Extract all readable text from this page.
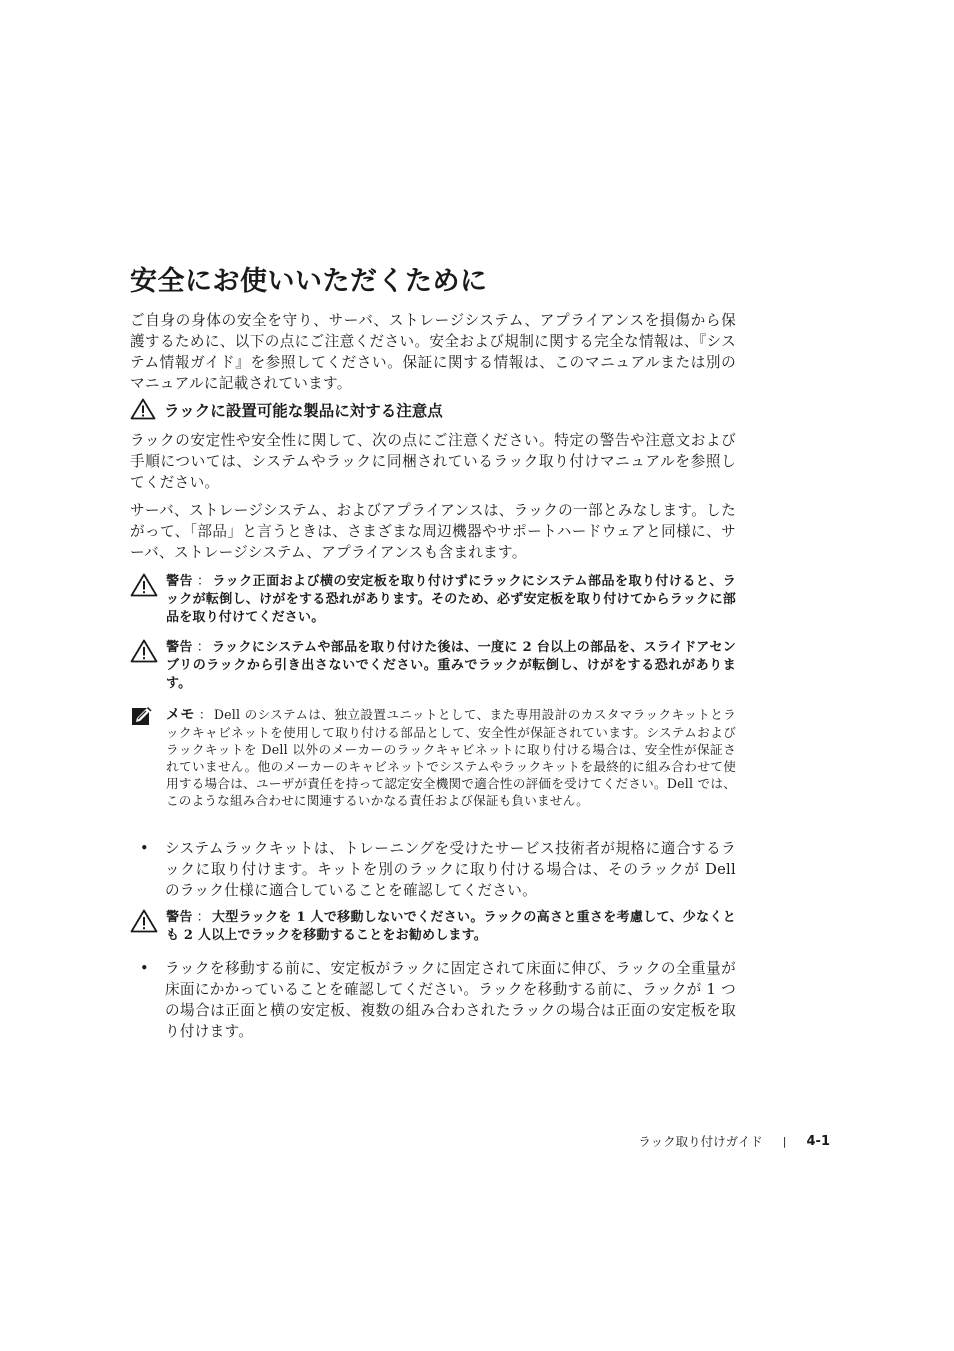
安全にお使いいただくために

ご自身の身体の安全を守り、サーバ、ストレージシステム、アプライアンスを損傷から保護するために、以下の点にご注意ください。安全および規制に関する完全な情報は、『システム情報ガイド』を参照してください。保証に関する情報は、このマニュアルまたは別のマニュアルに記載されています。

ラックに設置可能な製品に対する注意点

ラックの安定性や安全性に関して、次の点にご注意ください。特定の警告や注意文および手順については、システムやラックに同梱されているラック取り付けマニュアルを参照してください。

サーバ、ストレージシステム、およびアプライアンスは、ラックの一部とみなします。したがって、「部品」と言うときは、さまざまな周辺機器やサポートハードウェアと同様に、サーバ、ストレージシステム、アプライアンスも含まれます。

警告 ： ラック正面および横の安定板を取り付けずにラックにシステム部品を取り付けると、ラックが転倒し、けがをする恐れがあります。そのため、必ず安定板を取り付けてからラックに部品を取り付けてください。
警告 ： ラックにシステムや部品を取り付けた後は、一度に 2 台以上の部品を、スライドアセンブリのラックから引き出さないでください。重みでラックが転倒し、けがをする恐れがあります。
メモ ： Dell のシステムは、独立設置ユニットとして、また専用設計のカスタマラックキットとラックキャビネットを使用して取り付ける部品として、安全性が保証されています。システムおよびラックキットを Dell 以外のメーカーのラックキャビネットに取り付ける場合は、安全性が保証されていません。他のメーカーのキャビネットでシステムやラックキットを最終的に組み合わせて使用する場合は、ユーザが責任を持って認定安全機関で適合性の評価を受けてください。Dell では、このような組み合わせに関連するいかなる責任および保証も負いません。
•	システムラックキットは、トレーニングを受けたサービス技術者が規格に適合するラックに取り付けます。キットを別のラックに取り付ける場合は、そのラックが Dell のラック仕様に適合していることを確認してください。
警告 ： 大型ラックを 1 人で移動しないでください。ラックの高さと重さを考慮して、少なくとも 2 人以上でラックを移動することをお勧めします。
•	ラックを移動する前に、安定板がラックに固定されて床面に伸び、ラックの全重量が床面にかかっていることを確認してください。ラックを移動する前に、ラックが 1 つの場合は正面と横の安定板、複数の組み合わされたラックの場合は正面の安定板を取り付けます。
ラック取り付けガイド | 4-1
